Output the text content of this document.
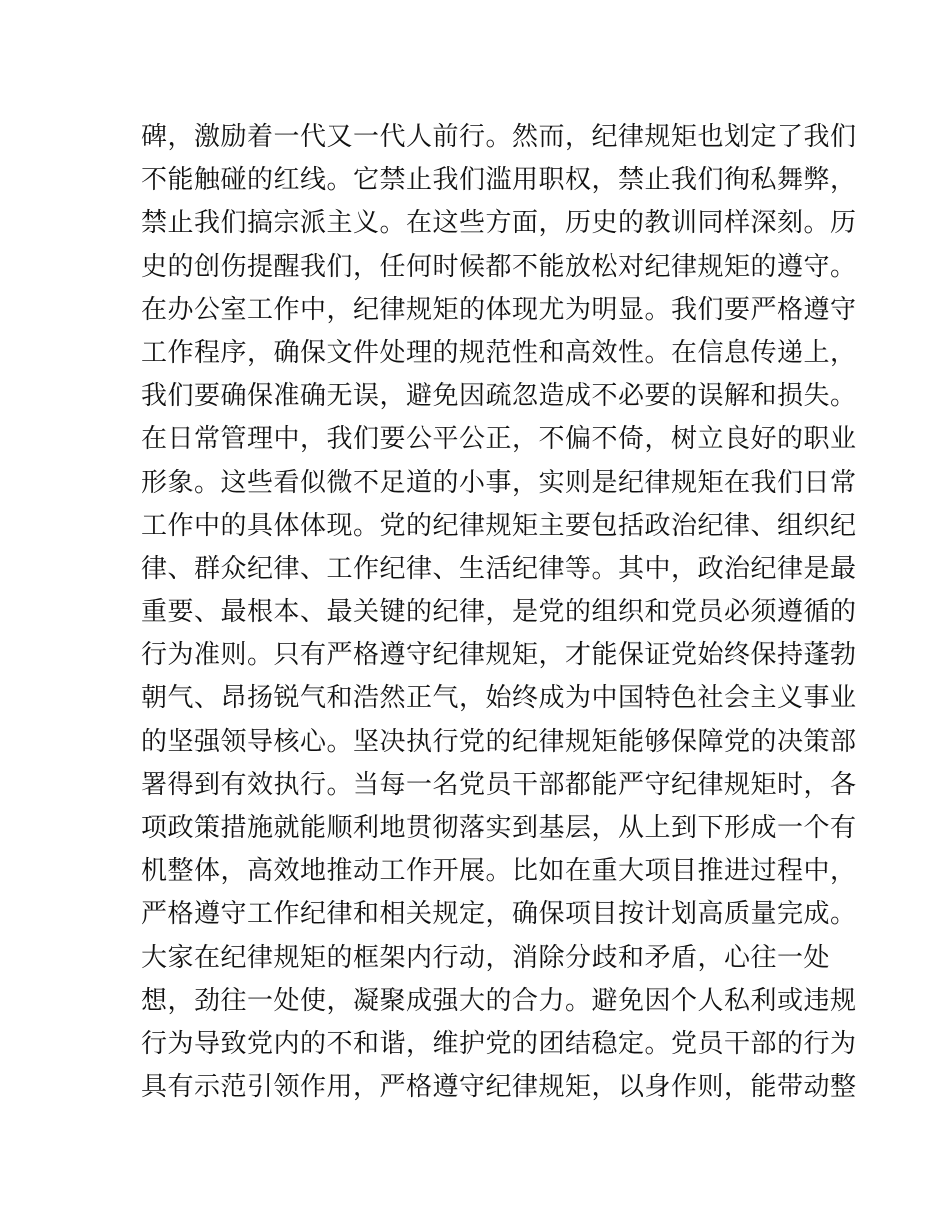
碑，激励着一代又一代人前行。然而，纪律规矩也划定了我们
不能触碰的红线。它禁止我们滥用职权，禁止我们徇私舞弊，
禁止我们搞宗派主义。在这些方面，历史的教训同样深刻。历
史的创伤提醒我们，任何时候都不能放松对纪律规矩的遵守。
在办公室工作中，纪律规矩的体现尤为明显。我们要严格遵守
工作程序，确保文件处理的规范性和高效性。在信息传递上，
我们要确保准确无误，避免因疏忽造成不必要的误解和损失。
在日常管理中，我们要公平公正，不偏不倚，树立良好的职业
形象。这些看似微不足道的小事，实则是纪律规矩在我们日常
工作中的具体体现。党的纪律规矩主要包括政治纪律、组织纪
律、群众纪律、工作纪律、生活纪律等。其中，政治纪律是最
重要、最根本、最关键的纪律，是党的组织和党员必须遵循的
行为准则。只有严格遵守纪律规矩，才能保证党始终保持蓬勃
朝气、昂扬锐气和浩然正气，始终成为中国特色社会主义事业
的坚强领导核心。坚决执行党的纪律规矩能够保障党的决策部
署得到有效执行。当每一名党员干部都能严守纪律规矩时，各
项政策措施就能顺利地贯彻落实到基层，从上到下形成一个有
机整体，高效地推动工作开展。比如在重大项目推进过程中，
严格遵守工作纪律和相关规定，确保项目按计划高质量完成。
大家在纪律规矩的框架内行动，消除分歧和矛盾，心往一处
想，劲往一处使，凝聚成强大的合力。避免因个人私利或违规
行为导致党内的不和谐，维护党的团结稳定。党员干部的行为
具有示范引领作用，严格遵守纪律规矩，以身作则，能带动整
